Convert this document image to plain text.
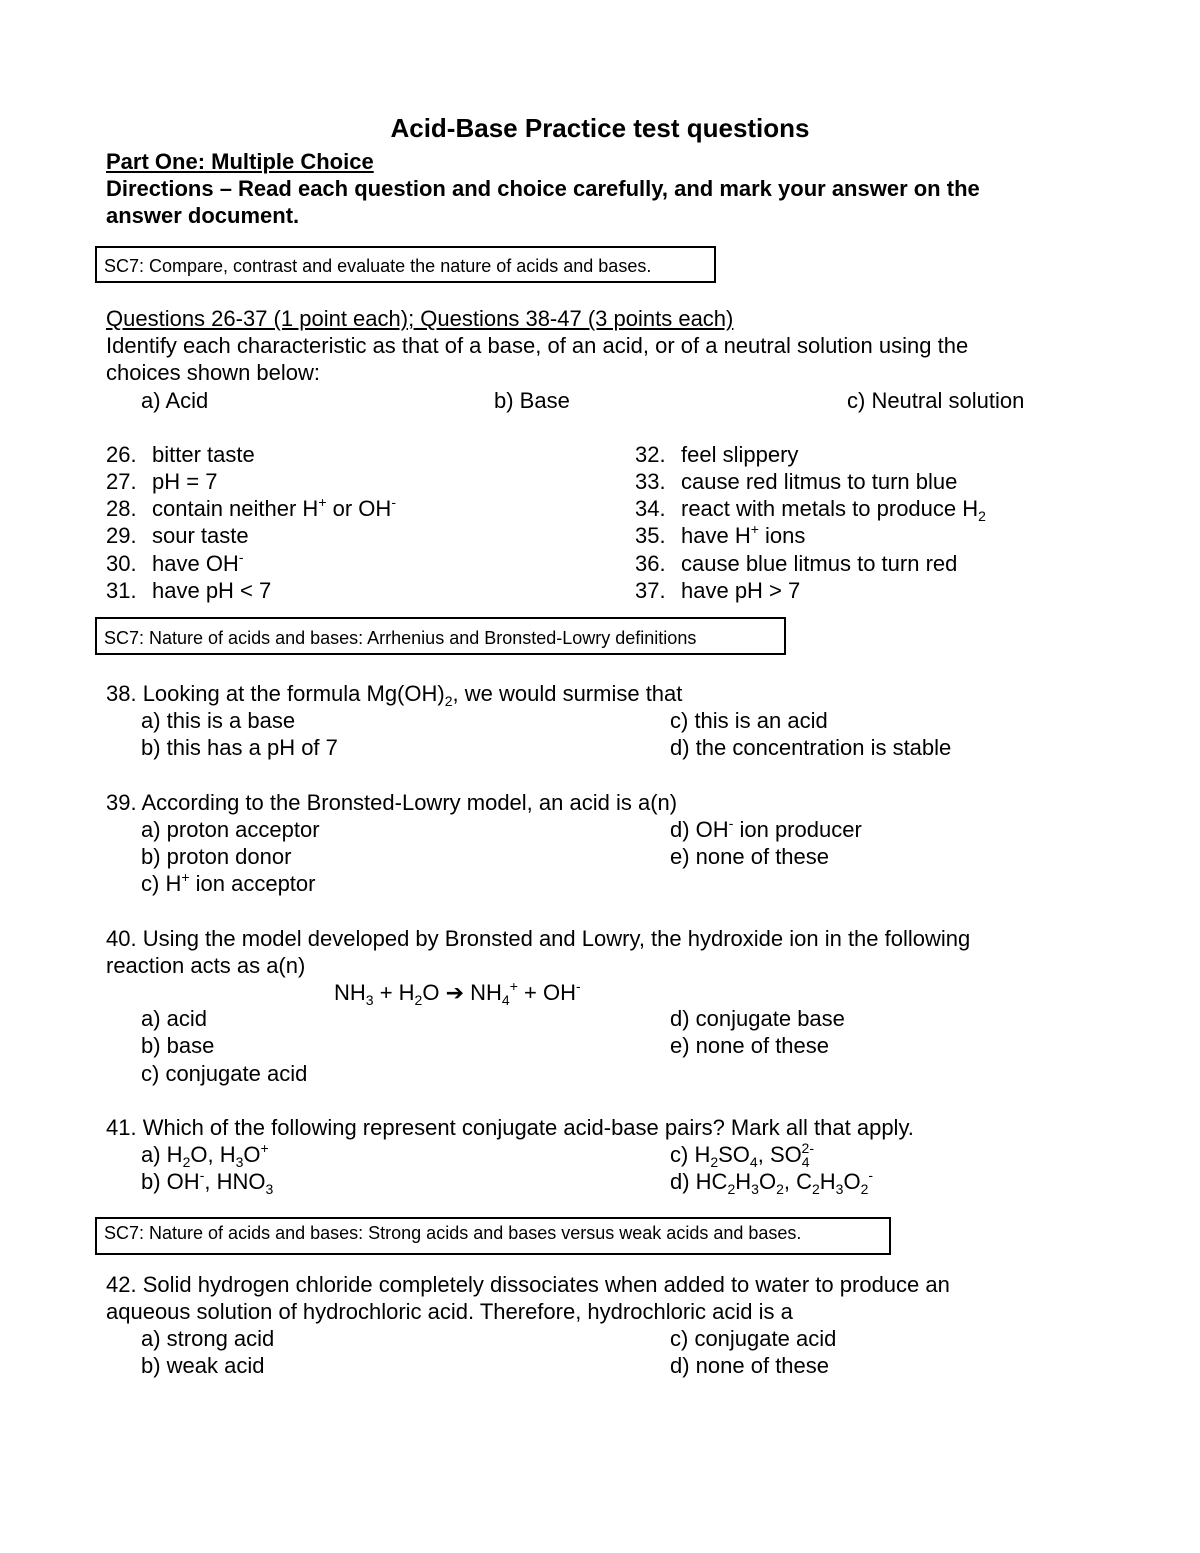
Acid-Base Practice test questions
Part One: Multiple Choice
Directions – Read each question and choice carefully, and mark your answer on the
answer document.
SC7: Compare, contrast and evaluate the nature of acids and bases.
Questions 26-37 (1 point each); Questions 38-47 (3 points each)
Identify each characteristic as that of a base, of an acid, or of a neutral solution using the
choices shown below:
a) Acid	b) Base	c) Neutral solution
26. bitter taste
27. pH = 7
28. contain neither H+ or OH-
29. sour taste
30. have OH-
31. have pH < 7
32. feel slippery
33. cause red litmus to turn blue
34. react with metals to produce $H_2$
35. have H+ ions
36. cause blue litmus to turn red
37. have pH > 7
SC7: Nature of acids and bases: Arrhenius and Bronsted-Lowry definitions
38. Looking at the formula $Mg(OH)_2$, we would surmise that
a) this is a base
b) this has a pH of 7
c) this is an acid
d) the concentration is stable
39. According to the Bronsted-Lowry model, an acid is a(n)
a) proton acceptor
b) proton donor
c) H+ ion acceptor
d) OH- ion producer
e) none of these
40. Using the model developed by Bronsted and Lowry, the hydroxide ion in the following
reaction acts as a(n)
$NH_3 + H_2O$ ➔ $NH_4^+ + OH^-$
a) acid
b) base
c) conjugate acid
d) conjugate base
e) none of these
41. Which of the following represent conjugate acid-base pairs? Mark all that apply.
a) $H_2O$, $H_3O^+$
b) OH-, $HNO_3$
c) $H_2SO_4$, $SO_4^{2-}$
d) $HC_2H_3O_2$, $C_2H_3O_2^-$
SC7: Nature of acids and bases: Strong acids and bases versus weak acids and bases.
42. Solid hydrogen chloride completely dissociates when added to water to produce an
aqueous solution of hydrochloric acid. Therefore, hydrochloric acid is a
a) strong acid
b) weak acid
c) conjugate acid
d) none of these
